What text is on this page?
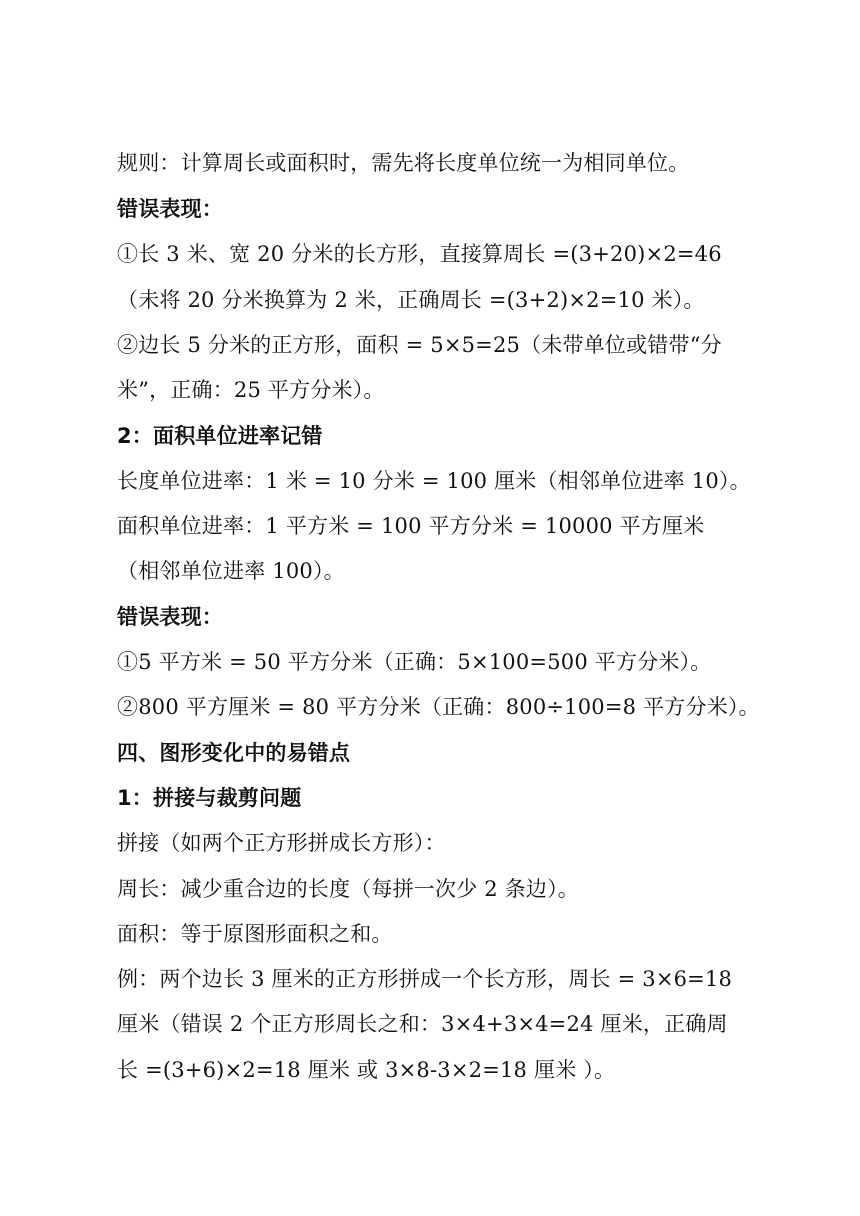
规则：计算周长或面积时，需先将长度单位统一为相同单位。
错误表现：
①长 3 米、宽 20 分米的长方形，直接算周长 =(3+20)×2=46
（未将 20 分米换算为 2 米，正确周长 =(3+2)×2=10 米）。
②边长 5 分米的正方形，面积 = 5×5=25（未带单位或错带“分
米”，正确：25 平方分米）。
2：面积单位进率记错
长度单位进率：1 米 = 10 分米 = 100 厘米（相邻单位进率 10）。
面积单位进率：1 平方米 = 100 平方分米 = 10000 平方厘米
（相邻单位进率 100）。
错误表现：
①5 平方米 = 50 平方分米（正确：5×100=500 平方分米）。
②800 平方厘米 = 80 平方分米（正确：800÷100=8 平方分米）。
四、图形变化中的易错点
1：拼接与裁剪问题
拼接（如两个正方形拼成长方形）：
周长：减少重合边的长度（每拼一次少 2 条边）。
面积：等于原图形面积之和。
例：两个边长 3 厘米的正方形拼成一个长方形，周长 = 3×6=18
厘米（错误 2 个正方形周长之和：3×4+3×4=24 厘米，正确周
长 =(3+6)×2=18 厘米 或 3×8-3×2=18 厘米 ）。
